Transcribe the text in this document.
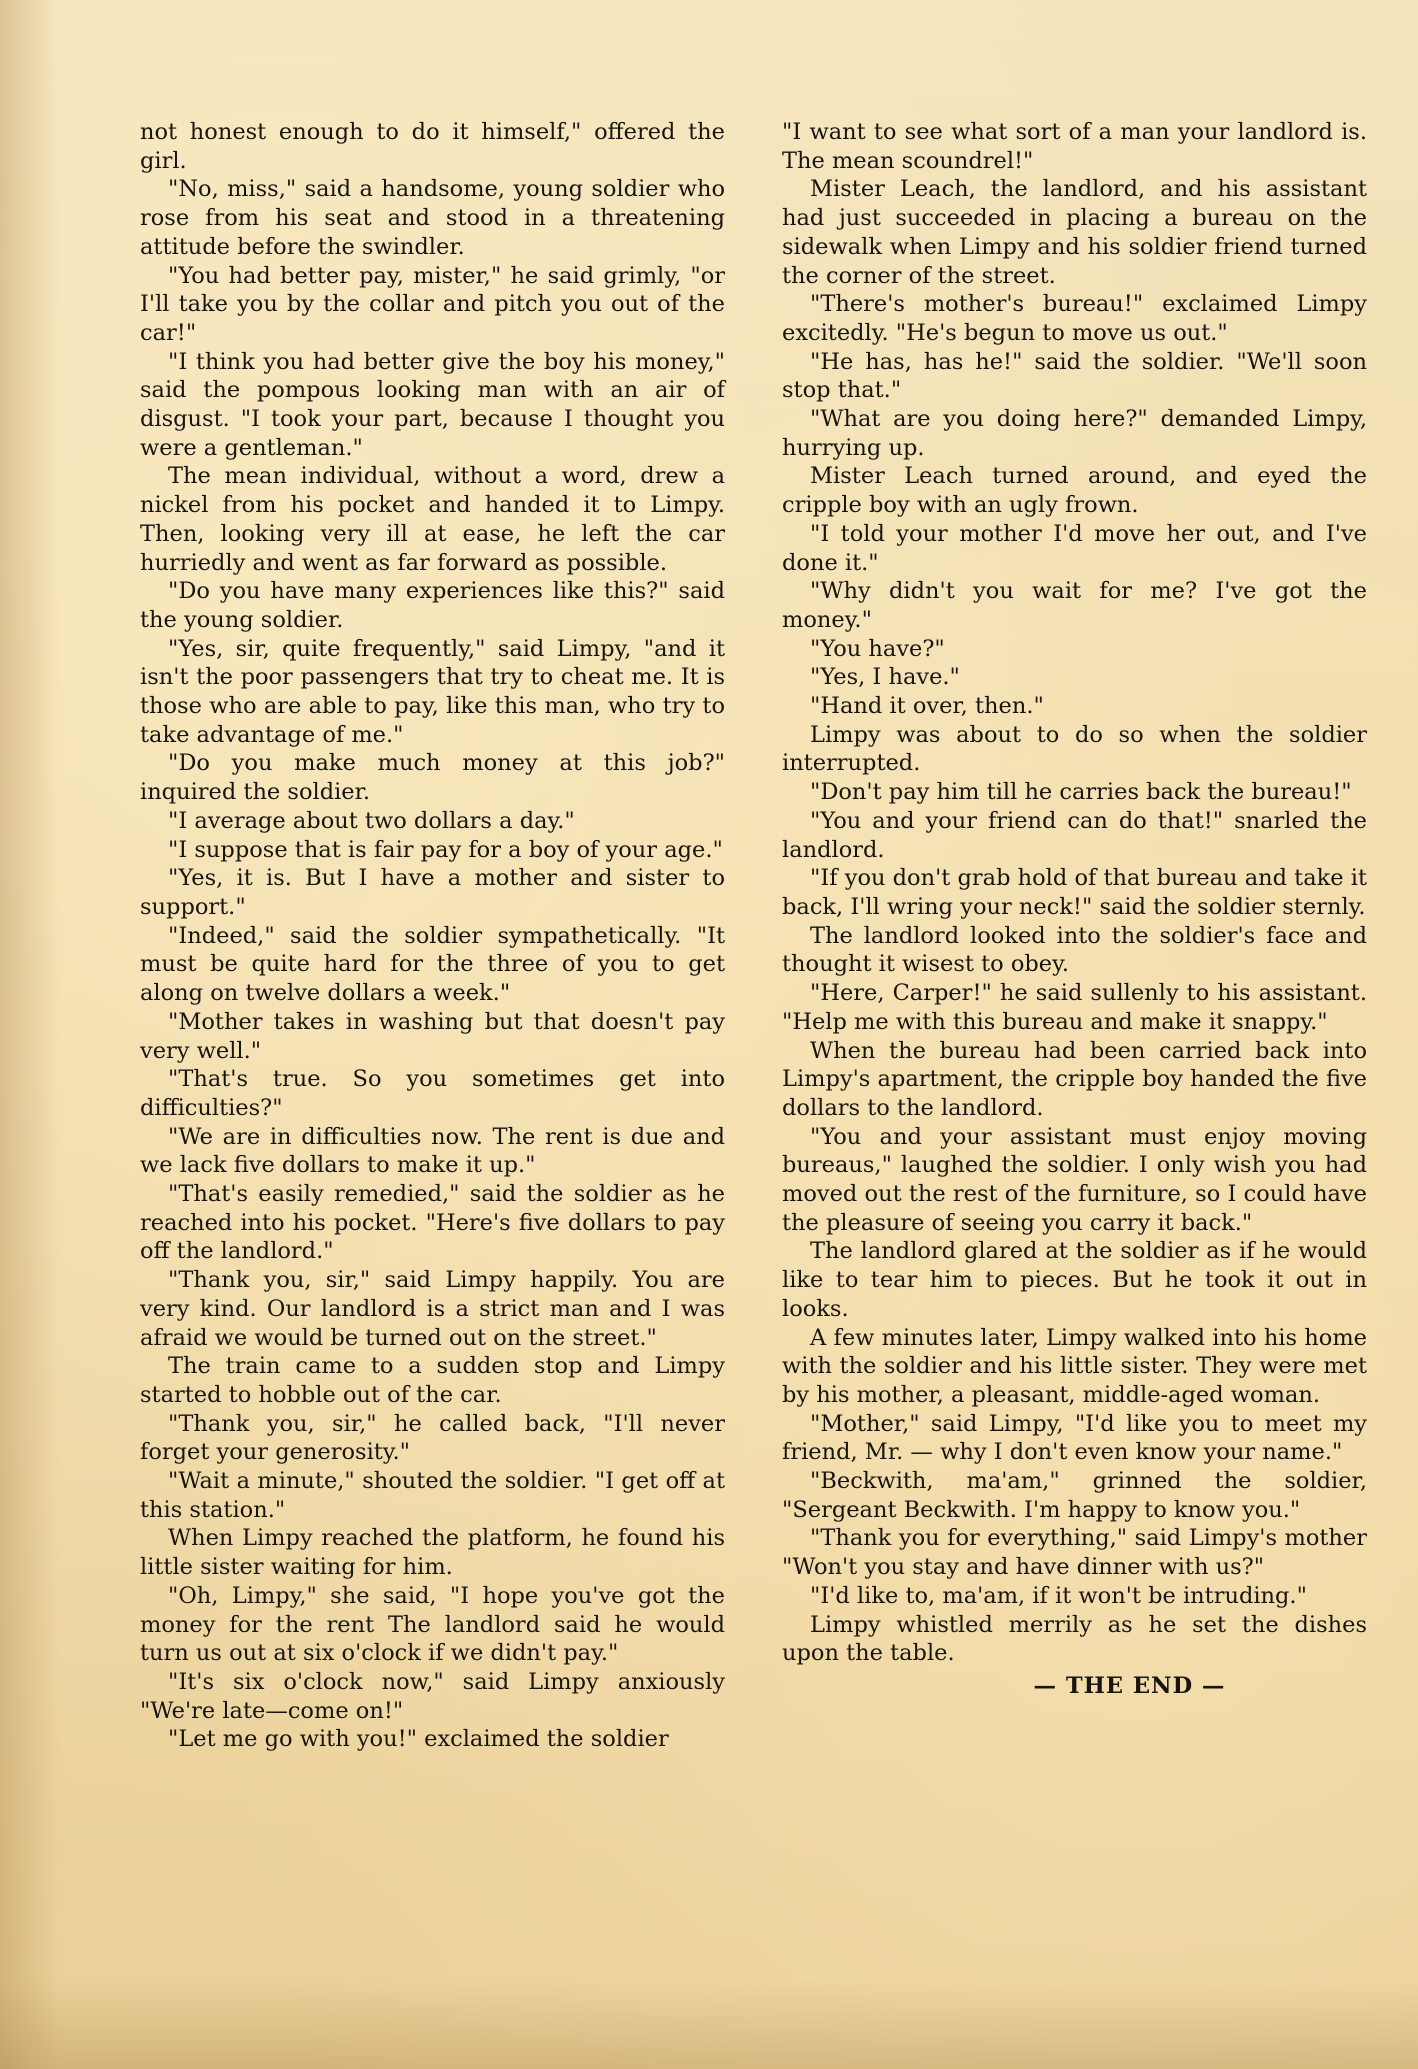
not honest enough to do it himself," offered the girl.

"No, miss," said a handsome, young soldier who rose from his seat and stood in a threatening attitude before the swindler.

"You had better pay, mister," he said grimly, "or I'll take you by the collar and pitch you out of the car!"

"I think you had better give the boy his money," said the pompous looking man with an air of disgust. "I took your part, because I thought you were a gentleman."

The mean individual, without a word, drew a nickel from his pocket and handed it to Limpy. Then, looking very ill at ease, he left the car hurriedly and went as far forward as possible.

"Do you have many experiences like this?" said the young soldier.

"Yes, sir, quite frequently," said Limpy, "and it isn't the poor passengers that try to cheat me. It is those who are able to pay, like this man, who try to take advantage of me."

"Do you make much money at this job?" inquired the soldier.

"I average about two dollars a day."

"I suppose that is fair pay for a boy of your age."

"Yes, it is. But I have a mother and sister to support."

"Indeed," said the soldier sympathetically. "It must be quite hard for the three of you to get along on twelve dollars a week."

"Mother takes in washing but that doesn't pay very well."

"That's true. So you sometimes get into difficulties?"

"We are in difficulties now. The rent is due and we lack five dollars to make it up."

"That's easily remedied," said the soldier as he reached into his pocket. "Here's five dollars to pay off the landlord."

"Thank you, sir," said Limpy happily. You are very kind. Our landlord is a strict man and I was afraid we would be turned out on the street."

The train came to a sudden stop and Limpy started to hobble out of the car.

"Thank you, sir," he called back, "I'll never forget your generosity."

"Wait a minute," shouted the soldier. "I get off at this station."

When Limpy reached the platform, he found his little sister waiting for him.

"Oh, Limpy," she said, "I hope you've got the money for the rent The landlord said he would turn us out at six o'clock if we didn't pay."

"It's six o'clock now," said Limpy anxiously "We're late—come on!"

"Let me go with you!" exclaimed the soldier

"I want to see what sort of a man your landlord is. The mean scoundrel!"

Mister Leach, the landlord, and his assistant had just succeeded in placing a bureau on the sidewalk when Limpy and his soldier friend turned the corner of the street.

"There's mother's bureau!" exclaimed Limpy excitedly. "He's begun to move us out."

"He has, has he!" said the soldier. "We'll soon stop that."

"What are you doing here?" demanded Limpy, hurrying up.

Mister Leach turned around, and eyed the cripple boy with an ugly frown.

"I told your mother I'd move her out, and I've done it."

"Why didn't you wait for me? I've got the money."

"You have?"

"Yes, I have."

"Hand it over, then."

Limpy was about to do so when the soldier interrupted.

"Don't pay him till he carries back the bureau!"

"You and your friend can do that!" snarled the landlord.

"If you don't grab hold of that bureau and take it back, I'll wring your neck!" said the soldier sternly.

The landlord looked into the soldier's face and thought it wisest to obey.

"Here, Carper!" he said sullenly to his assistant. "Help me with this bureau and make it snappy."

When the bureau had been carried back into Limpy's apartment, the cripple boy handed the five dollars to the landlord.

"You and your assistant must enjoy moving bureaus," laughed the soldier. I only wish you had moved out the rest of the furniture, so I could have the pleasure of seeing you carry it back."

The landlord glared at the soldier as if he would like to tear him to pieces. But he took it out in looks.

A few minutes later, Limpy walked into his home with the soldier and his little sister. They were met by his mother, a pleasant, middle-aged woman.

"Mother," said Limpy, "I'd like you to meet my friend, Mr. — why I don't even know your name."

"Beckwith, ma'am," grinned the soldier, "Sergeant Beckwith. I'm happy to know you."

"Thank you for everything," said Limpy's mother "Won't you stay and have dinner with us?"

"I'd like to, ma'am, if it won't be intruding."

Limpy whistled merrily as he set the dishes upon the table.

— THE END —
